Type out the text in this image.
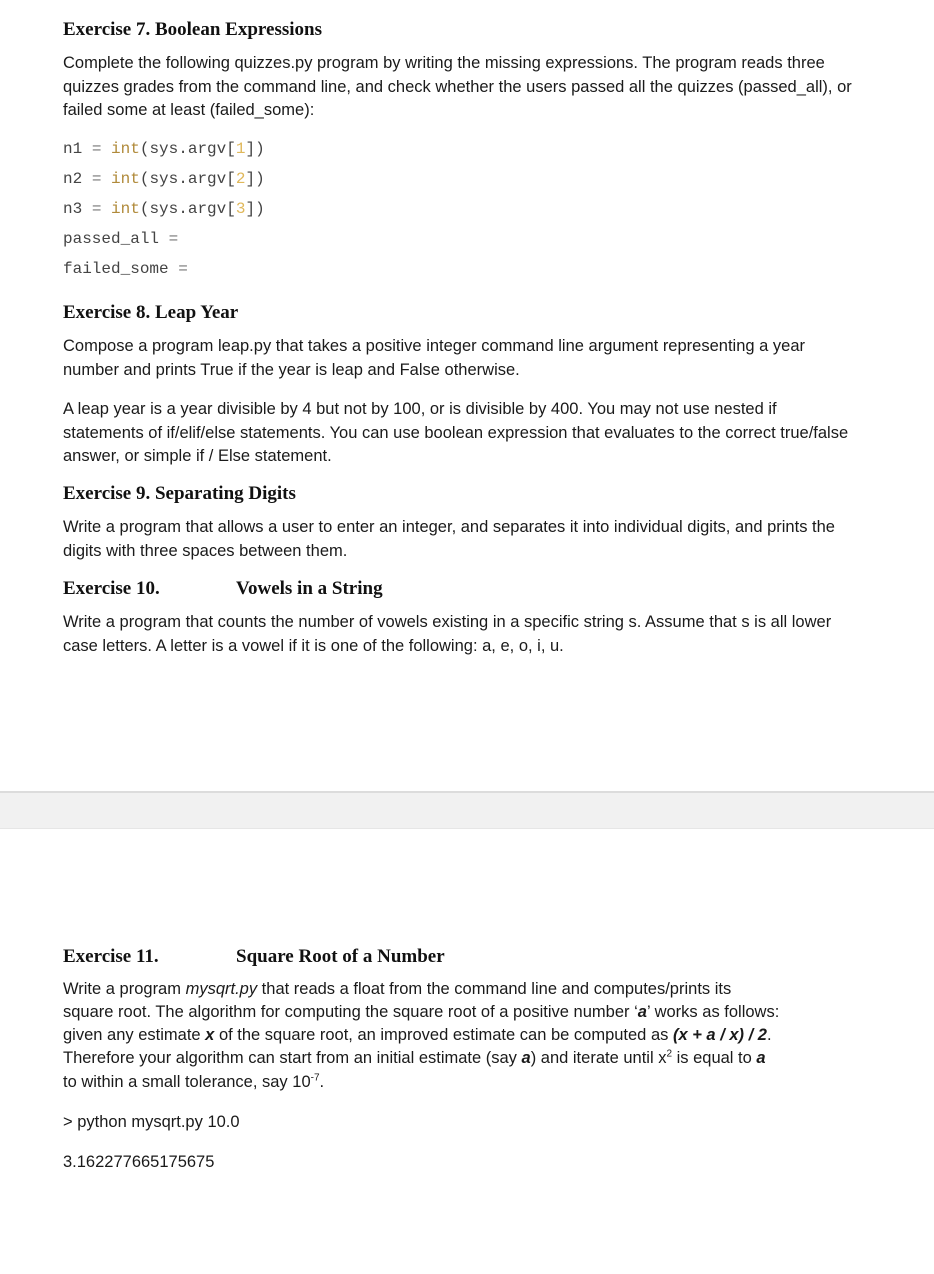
Exercise 7. Boolean Expressions
Complete the following quizzes.py program by writing the missing expressions. The program reads three quizzes grades from the command line, and check whether the users passed all the quizzes (passed_all), or failed some at least (failed_some):
n1 = int(sys.argv[1])
n2 = int(sys.argv[2])
n3 = int(sys.argv[3])
passed_all =
failed_some =
Exercise 8. Leap Year
Compose a program leap.py that takes a positive integer command line argument representing a year number and prints True if the year is leap and False otherwise.
A leap year is a year divisible by 4 but not by 100, or is divisible by 400. You may not use nested if statements of if/elif/else statements. You can use boolean expression that evaluates to the correct true/false answer, or simple if / Else statement.
Exercise 9. Separating Digits
Write a program that allows a user to enter an integer, and separates it into individual digits, and prints the digits with three spaces between them.
Exercise 10.	Vowels in a String
Write a program that counts the number of vowels existing in a specific string s. Assume that s is all lower case letters. A letter is a vowel if it is one of the following: a, e, o, i, u.
Exercise 11.	Square Root of a Number
Write a program mysqrt.py that reads a float from the command line and computes/prints its
square root. The algorithm for computing the square root of a positive number ‘a’ works as follows:
given any estimate x of the square root, an improved estimate can be computed as (x + a / x) / 2.
Therefore your algorithm can start from an initial estimate (say a) and iterate until $x^2$ is equal to a
to within a small tolerance, say $10^{-7}$.
> python mysqrt.py 10.0
3.162277665175675
